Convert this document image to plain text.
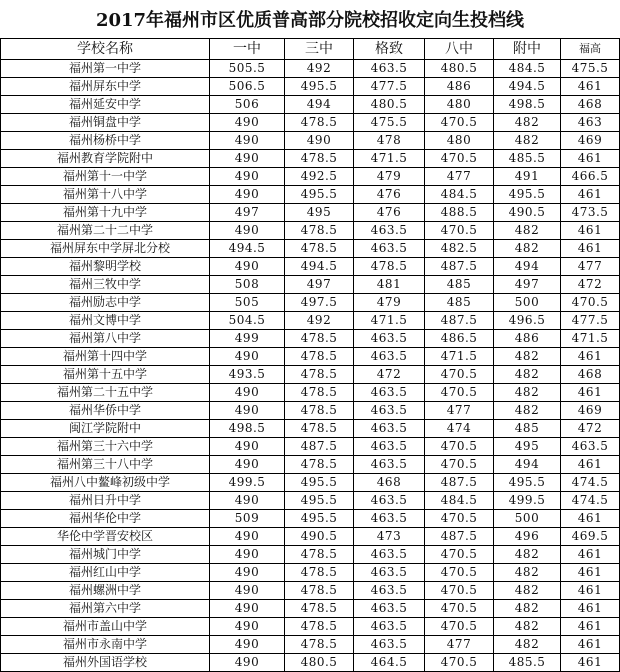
2017年福州市区优质普高部分院校招收定向生投档线
学校名称	一中	三中	格致	八中	附中	福高
福州第一中学	505.5	492	463.5	480.5	484.5	475.5
福州屏东中学	506.5	495.5	477.5	486	494.5	461
福州延安中学	506	494	480.5	480	498.5	468
福州铜盘中学	490	478.5	475.5	470.5	482	463
福州杨桥中学	490	490	478	480	482	469
福州教育学院附中	490	478.5	471.5	470.5	485.5	461
福州第十一中学	490	492.5	479	477	491	466.5
福州第十八中学	490	495.5	476	484.5	495.5	461
福州第十九中学	497	495	476	488.5	490.5	473.5
福州第二十二中学	490	478.5	463.5	470.5	482	461
福州屏东中学屏北分校	494.5	478.5	463.5	482.5	482	461
福州黎明学校	490	494.5	478.5	487.5	494	477
福州三牧中学	508	497	481	485	497	472
福州励志中学	505	497.5	479	485	500	470.5
福州文博中学	504.5	492	471.5	487.5	496.5	477.5
福州第八中学	499	478.5	463.5	486.5	486	471.5
福州第十四中学	490	478.5	463.5	471.5	482	461
福州第十五中学	493.5	478.5	472	470.5	482	468
福州第二十五中学	490	478.5	463.5	470.5	482	461
福州华侨中学	490	478.5	463.5	477	482	469
闽江学院附中	498.5	478.5	463.5	474	485	472
福州第三十六中学	490	487.5	463.5	470.5	495	463.5
福州第三十八中学	490	478.5	463.5	470.5	494	461
福州八中鳌峰初级中学	499.5	495.5	468	487.5	495.5	474.5
福州日升中学	490	495.5	463.5	484.5	499.5	474.5
福州华伦中学	509	495.5	463.5	470.5	500	461
华伦中学晋安校区	490	490.5	473	487.5	496	469.5
福州城门中学	490	478.5	463.5	470.5	482	461
福州红山中学	490	478.5	463.5	470.5	482	461
福州螺洲中学	490	478.5	463.5	470.5	482	461
福州第六中学	490	478.5	463.5	470.5	482	461
福州市盖山中学	490	478.5	463.5	470.5	482	461
福州市永南中学	490	478.5	463.5	477	482	461
福州外国语学校	490	480.5	464.5	470.5	485.5	461
